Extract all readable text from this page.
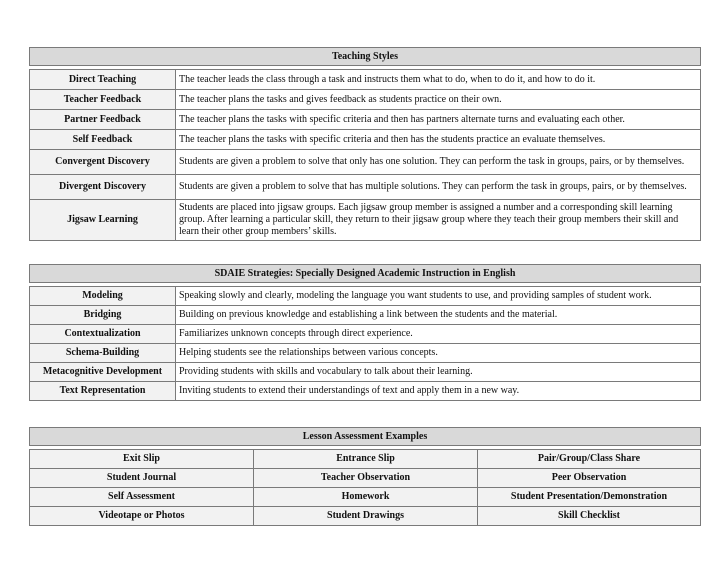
Teaching Styles	

Direct Teaching	The teacher leads the class through a task and instructs them what to do, when to do it, and how to do it.
Teacher Feedback	The teacher plans the tasks and gives feedback as students practice on their own.
Partner Feedback	The teacher plans the tasks with specific criteria and then has partners alternate turns and evaluating each other.
Self Feedback	The teacher plans the tasks with specific criteria and then has the students practice an evaluate themselves.
Convergent Discovery	Students are given a problem to solve that only has one solution. They can perform the task in groups, pairs, or by themselves.
Divergent Discovery	Students are given a problem to solve that has multiple solutions. They can perform the task in groups, pairs, or by themselves.
Jigsaw Learning	Students are placed into jigsaw groups. Each jigsaw group member is assigned a number and a corresponding skill learning group. After learning a particular skill, they return to their jigsaw group where they teach their group members their skill and learn their other group members’ skills.
SDAIE Strategies: Specially Designed Academic Instruction in English	

Modeling	Speaking slowly and clearly, modeling the language you want students to use, and providing samples of student work.
Bridging	Building on previous knowledge and establishing a link between the students and the material.
Contextualization	Familiarizes unknown concepts through direct experience.
Schema-Building	Helping students see the relationships between various concepts.
Metacognitive Development	Providing students with skills and vocabulary to talk about their learning.
Text Representation	Inviting students to extend their understandings of text and apply them in a new way.
Lesson Assessment Examples		

Exit Slip	Entrance Slip	Pair/Group/Class Share
Student Journal	Teacher Observation	Peer Observation
Self Assessment	Homework	Student Presentation/Demonstration
Videotape or Photos	Student Drawings	Skill Checklist
